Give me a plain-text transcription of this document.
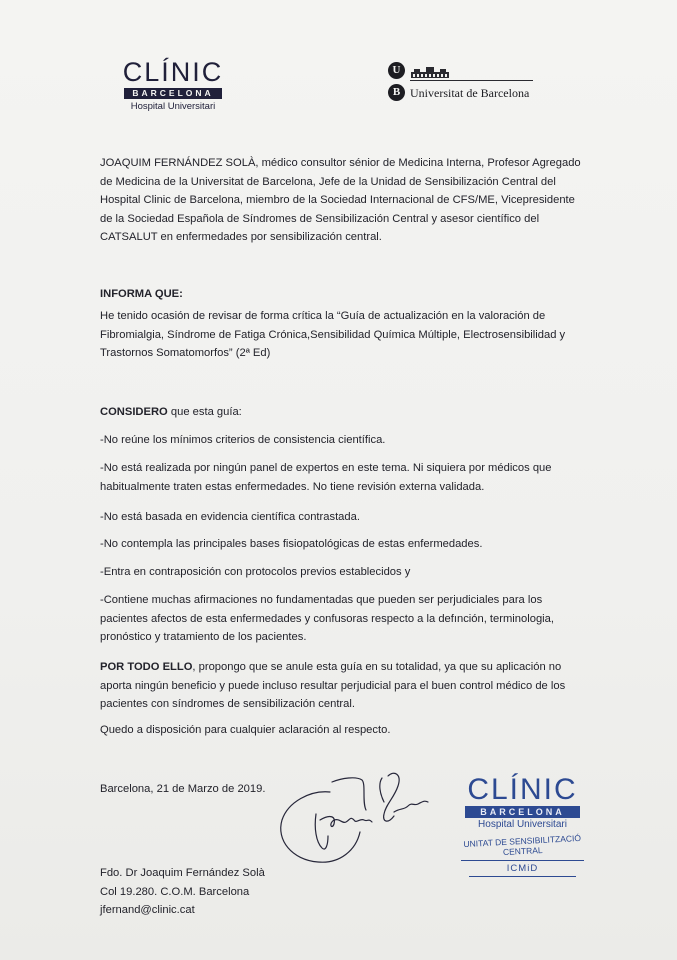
CLÍNIC
BARCELONA
Hospital Universitari
U
B Universitat de Barcelona
JOAQUIM FERNÁNDEZ SOLÀ, médico consultor sénior de Medicina Interna, Profesor Agregado de Medicina de la Universitat de Barcelona, Jefe de la Unidad de Sensibilización Central del Hospital Clinic de Barcelona, miembro de la Sociedad Internacional de CFS/ME, Vicepresidente de la Sociedad Española de Síndromes de Sensibilización Central y asesor científico del CATSALUT en enfermedades por sensibilización central.
INFORMA QUE:
He tenido ocasión de revisar de forma crítica la “Guía de actualización en la valoración de Fibromialgia, Síndrome de Fatiga Crónica,Sensibilidad Química Múltiple, Electrosensibilidad y Trastornos Somatomorfos” (2ª Ed)
CONSIDERO que esta guía:
-No reúne los mínimos criterios de consistencia científica.
-No está realizada por ningún panel de expertos en este tema. Ni siquiera por médicos que habitualmente traten estas enfermedades. No tiene revisión externa validada.
-No está basada en evidencia científica contrastada.
-No contempla las principales bases fisiopatológicas de estas enfermedades.
-Entra en contraposición con protocolos previos establecidos y
-Contiene muchas afirmaciones no fundamentadas que pueden ser perjudiciales para los pacientes afectos de esta enfermedades y confusoras respecto a la defınción, terminologia, pronóstico y tratamiento de los pacientes.
POR TODO ELLO, propongo que se anule esta guía en su totalidad, ya que su aplicación no aporta ningún beneficio y puede incluso resultar perjudicial para el buen control médico de los pacientes con síndromes de sensibilización central.
Quedo a disposición para cualquier aclaración al respecto.
Barcelona, 21 de Marzo de 2019.
Fdo. Dr Joaquim Fernández Solà
Col 19.280. C.O.M. Barcelona
jfernand@clinic.cat
CLÍNIC
BARCELONA
Hospital Universitari
UNITAT DE SENSIBILITZACIÓ CENTRAL
ICMiD
